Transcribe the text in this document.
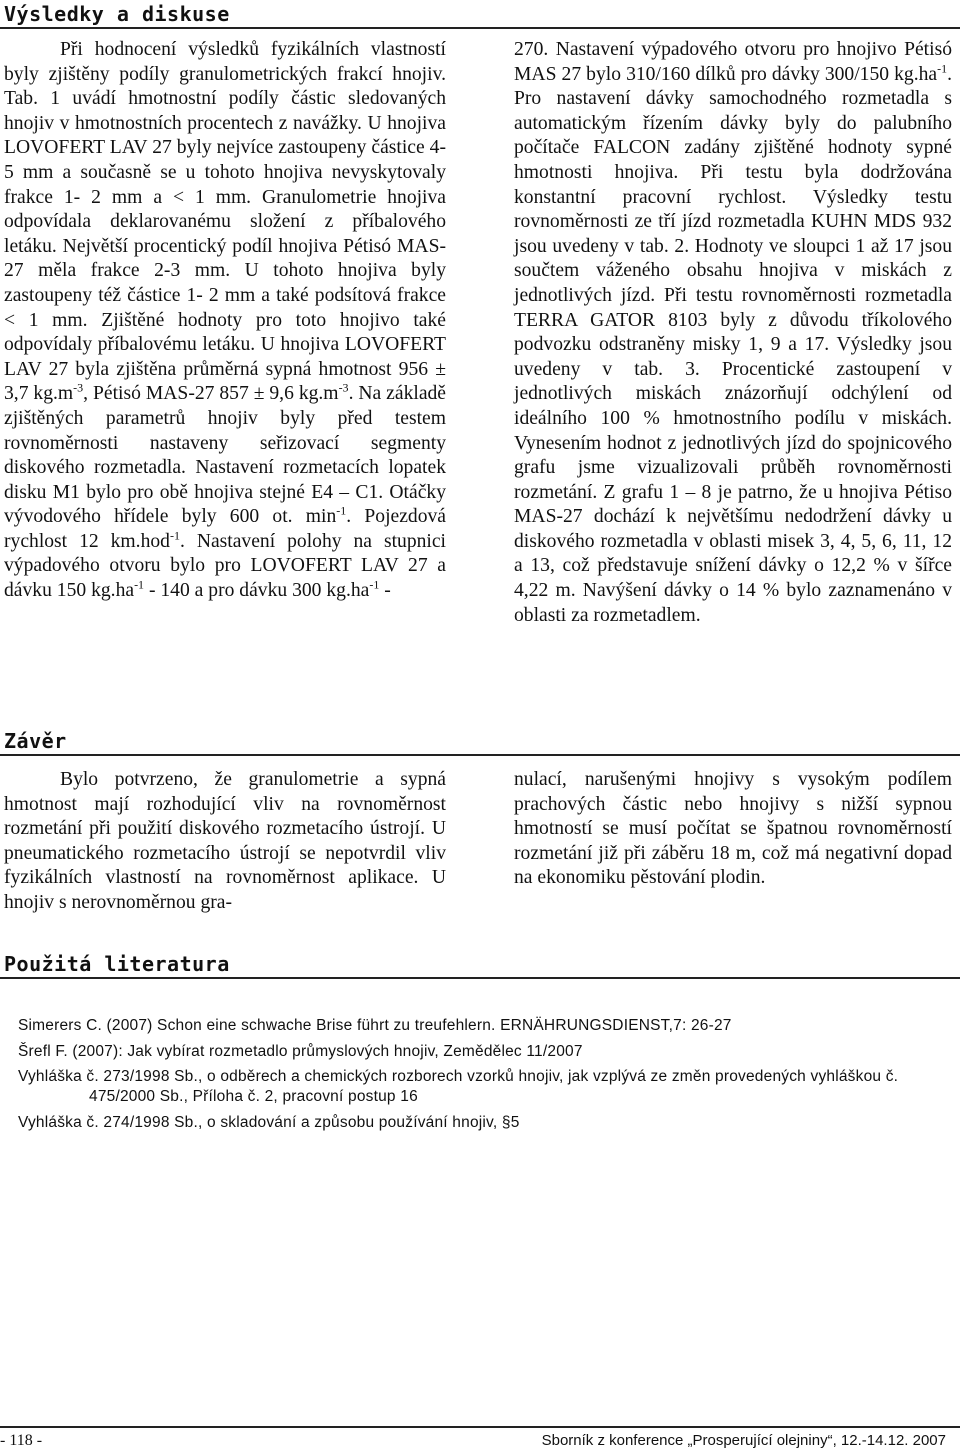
Výsledky a diskuse

Při hodnocení výsledků fyzikálních vlastností byly zjištěny podíly granulometrických frakcí hnojiv. Tab. 1 uvádí hmotnostní podíly částic sledovaných hnojiv v hmotnostních procentech z navážky. U hnojiva LOVOFERT LAV 27 byly nejvíce zastoupeny částice 4-5 mm a současně se u tohoto hnojiva nevyskytovaly frakce 1- 2 mm a < 1 mm. Granulometrie hnojiva odpovídala deklarovanému složení z příbalového letáku. Největší procentický podíl hnojiva Pétisó MAS- 27 měla frakce 2-3 mm. U tohoto hnojiva byly zastoupeny též částice 1- 2 mm a také podsítová frakce < 1 mm. Zjištěné hodnoty pro toto hnojivo také odpovídaly příbalovému letáku. U hnojiva LOVOFERT LAV 27 byla zjištěna průměrná sypná hmotnost 956 ± 3,7 $kg.m^{-3}$, Pétisó MAS-27 857 ± 9,6 $kg.m^{-3}$. Na základě zjištěných parametrů hnojiv byly před testem rovnoměrnosti nastaveny seřizovací segmenty diskového rozmetadla. Nastavení rozmetacích lopatek disku M1 bylo pro obě hnojiva stejné E4 – C1. Otáčky vývodového hřídele byly 600 ot. $\min^{-1}$. Pojezdová rychlost 12 km.hod$^{-1}$. Nastavení polohy na stupnici výpadového otvoru bylo pro LOVOFERT LAV 27 a dávku 150 $kg.ha^{-1} - 140$ a pro dávku 300 $kg.ha^{-1}$ -

270. Nastavení výpadového otvoru pro hnojivo Pétisó MAS 27 bylo 310/160 dílků pro dávky 300/150 $kg.ha^{-1}$. Pro nastavení dávky samochodného rozmetadla s automatickým řízením dávky byly do palubního počítače FALCON zadány zjištěné hodnoty sypné hmotnosti hnojiva. Při testu byla dodržována konstantní pracovní rychlost. Výsledky testu rovnoměrnosti ze tří jízd rozmetadla KUHN MDS 932 jsou uvedeny v tab. 2. Hodnoty ve sloupci 1 až 17 jsou součtem váženého obsahu hnojiva v miskách z jednotlivých jízd. Při testu rovnoměrnosti rozmetadla TERRA GATOR 8103 byly z důvodu tříkolového podvozku odstraněny misky 1, 9 a 17. Výsledky jsou uvedeny v tab. 3. Procentické zastoupení v jednotlivých miskách znázorňují odchýlení od ideálního 100 % hmotnostního podílu v miskách. Vynesením hodnot z jednotlivých jízd do spojnicového grafu jsme vizualizovali průběh rovnoměrnosti rozmetání. Z grafu 1 – 8 je patrno, že u hnojiva Pétiso MAS-27 dochází k největšímu nedodržení dávky u diskového rozmetadla v oblasti misek 3, 4, 5, 6, 11, 12 a 13, což představuje snížení dávky o 12,2 % v šířce 4,22 m. Navýšení dávky o 14 % bylo zaznamenáno v oblasti za rozmetadlem.

Závěr

Bylo potvrzeno, že granulometrie a sypná hmotnost mají rozhodující vliv na rovnoměrnost rozmetání při použití diskového rozmetacího ústrojí. U pneumatického rozmetacího ústrojí se nepotvrdil vliv fyzikálních vlastností na rovnoměrnost aplikace. U hnojiv s nerovnoměrnou gra-

nulací, narušenými hnojivy s vysokým podílem prachových částic nebo hnojivy s nižší sypnou hmotností se musí počítat se špatnou rovnoměrností rozmetání již při záběru 18 m, což má negativní dopad na ekonomiku pěstování plodin.

Použitá literatura
Simerers C. (2007) Schon eine schwache Brise führt zu treufehlern. ERNÄHRUNGSDIENST,7: 26-27
Šrefl F. (2007): Jak vybírat rozmetadlo průmyslových hnojiv, Zemědělec 11/2007
Vyhláška č. 273/1998 Sb., o odběrech a chemických rozborech vzorků hnojiv, jak vzplývá ze změn provedených vyhláškou č. 475/2000 Sb., Příloha č. 2, pracovní postup 16
Vyhláška č. 274/1998 Sb., o skladování a způsobu používání hnojiv, §5
- 118 -	Sborník z konference „Prosperující olejniny“, 12.-14.12. 2007
